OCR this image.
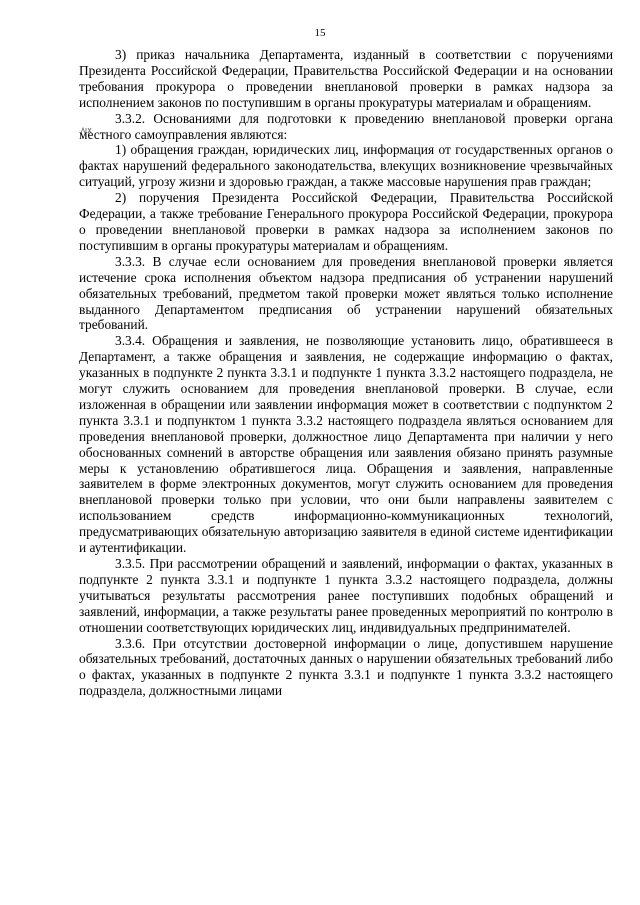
15

3) приказ начальника Департамента, изданный в соответствии с поручениями Президента Российской Федерации, Правительства Российской Федерации и на основании требования прокурора о проведении внеплановой проверки в рамках надзора за исполнением законов по поступившим в органы прокуратуры материалам и обращениям.

3.3.2. Основаниями для подготовки к проведению внеплановой проверки органа местного самоуправления являются:

1) обращения граждан, юридических лиц, информация от государственных органов о фактах нарушений федерального законодательства, влекущих возникновение чрезвычайных ситуаций, угрозу жизни и здоровью граждан, а также массовые нарушения прав граждан;

2) поручения Президента Российской Федерации, Правительства Российской Федерации, а также требование Генерального прокурора Российской Федерации, прокурора о проведении внеплановой проверки в рамках надзора за исполнением законов по поступившим в органы прокуратуры материалам и обращениям.

3.3.3. В случае если основанием для проведения внеплановой проверки является истечение срока исполнения объектом надзора предписания об устранении нарушений обязательных требований, предметом такой проверки может являться только исполнение выданного Департаментом предписания об устранении нарушений обязательных требований.

3.3.4. Обращения и заявления, не позволяющие установить лицо, обратившееся в Департамент, а также обращения и заявления, не содержащие информацию о фактах, указанных в подпункте 2 пункта 3.3.1 и подпункте 1 пункта 3.3.2 настоящего подраздела, не могут служить основанием для проведения внеплановой проверки. В случае, если изложенная в обращении или заявлении информация может в соответствии с подпунктом 2 пункта 3.3.1 и подпунктом 1 пункта 3.3.2 настоящего подраздела являться основанием для проведения внеплановой проверки, должностное лицо Департамента при наличии у него обоснованных сомнений в авторстве обращения или заявления обязано принять разумные меры к установлению обратившегося лица. Обращения и заявления, направленные заявителем в форме электронных документов, могут служить основанием для проведения внеплановой проверки только при условии, что они были направлены заявителем с использованием средств информационно-коммуникационных технологий, предусматривающих обязательную авторизацию заявителя в единой системе идентификации и аутентификации.

3.3.5. При рассмотрении обращений и заявлений, информации о фактах, указанных в подпункте 2 пункта 3.3.1 и подпункте 1 пункта 3.3.2 настоящего подраздела, должны учитываться результаты рассмотрения ранее поступивших подобных обращений и заявлений, информации, а также результаты ранее проведенных мероприятий по контролю в отношении соответствующих юридических лиц, индивидуальных предпринимателей.

3.3.6. При отсутствии достоверной информации о лице, допустившем нарушение обязательных требований, достаточных данных о нарушении обязательных требований либо о фактах, указанных в подпункте 2 пункта 3.3.1 и подпункте 1 пункта 3.3.2 настоящего подраздела, должностными лицами
